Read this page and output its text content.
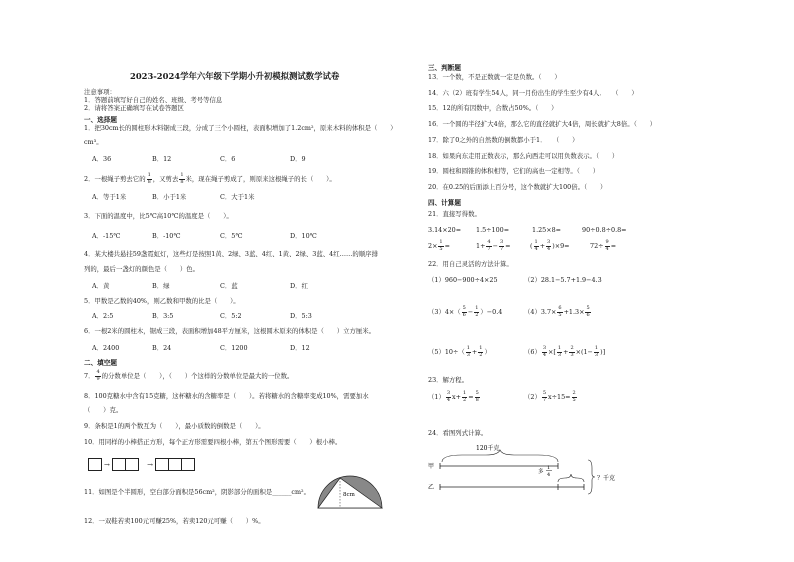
2023-2024学年六年级下学期小升初模拟测试数学试卷
注意事项：
1．答题前填写好自己的姓名、班级、考号等信息
2．请将答案正确填写在试卷答题区
一、选择题
1．把30cm长的圆柱形木料锯成三段，分成了三个小圆柱，表面积增加了1.2cm²，原来木料的体积是（　　）
cm³。
A．36	B．12	C．6	D．9
2．一根绳子剪去它的 $\frac{1}{8}$ ，又剪去 $\frac{1}{8}$ 米，现在绳子剪成了，则原来这根绳子的长（　　）。
A．等于1米	B．小于1米	C．大于1米
3．下面的温度中，比5℃高10℃的温度是（　　）。
A．-15℃	B．-10℃	C．5℃	D．10℃
4．某大楼共悬挂59盏霓虹灯，这些灯是按照1黄、2绿、3蓝、4红、1黄、2绿、3蓝、4红……的顺序排
列的，最后一盏灯的颜色是（　　）色。
A．黄	B．绿	C．蓝	D．红
5．甲数是乙数的40%，则乙数和甲数的比是（　　）。
A．2:5	B．3:5	C．5:2	D．5:3
6．一根2米的圆柱木，锯成三段，表面积增加48平方厘米，这根圆木原来的体积是（　　）立方厘米。
A．2400	B．24	C．1200	D．12
二、填空题
7． $\frac{4}{9}$ 的分数单位是（　　），（　　）个这样的分数单位是最大的一位数。
8．100克糖水中含有15克糖，这杯糖水的含糖率是（　　）。若将糖水的含糖率变成10%，需要加水
（　　）克。
9．条积是1的两个数互为（　　），最小质数的倒数是（　　）。
10．用同样的小棒搭正方形，每个正方形需要四根小棒，第五个图形需要（　　）根小棒。
→	→
11．如图是个半圆形，空白部分面积是56cm²，阴影部分的面积是______cm²。	8cm
12．一双鞋若卖100元可赚25%，若卖120元可赚（　　）%。
三、判断题
13．一个数，不是正数就一定是负数。（　　）
14．六（2）班有学生54人，同一月份出生的学生至少有4人．　　（　　）
15．12的所有因数中，合数占50%。（　　）
16．一个圆的半径扩大4倍，那么它的直径就扩大4倍，周长就扩大8倍。（　　）
17．除了0之外的自然数的倒数都小于1．　　（　　）
18．如果向东走用正数表示，那么向西走可以用负数表示。（　　）
19．圆柱和圆锥的体积相等，它们的高也一定相等。（　　）
20．在0.25的后面添上百分号，这个数就扩大100倍。（　　）
四、计算题
21．直接写得数。
3.14×20= 1.5÷100=	1.25×8=	90÷0.8÷0.8=
$2\times \frac{1}{5}$ =	$1+ \frac{4}{7} - \frac{3}{7}$ =	( $\frac{1}{4} + \frac{3}{4} )\times 9=$	$72\div \frac{9}{4}$ =
22．用自己灵活的方法计算。
（1）960−900÷4×25	（2）28.1−5.7+1.9−4.3
$(3)4\times( \frac{5}{6} - \frac{1}{2} )-0.4$	$(4)3.7\times \frac{6}{5} +1.3\times \frac{5}{6}$
$(5)10\div( \frac{1}{3} + \frac{1}{2}$ ）	$(6) \frac{3}{4}$ ×[ $\frac{1}{3} + \frac{2}{3} \times(1- \frac{1}{3}$ )]
23．解方程。
$(1) \frac{3}{4} x+ \frac{1}{2} = \frac{5}{8}$	$(2) \frac{5}{7} x\div 15= \frac{2}{5}$
24．看图列式计算。
120千克
甲
乙
多
1
4	？千克
